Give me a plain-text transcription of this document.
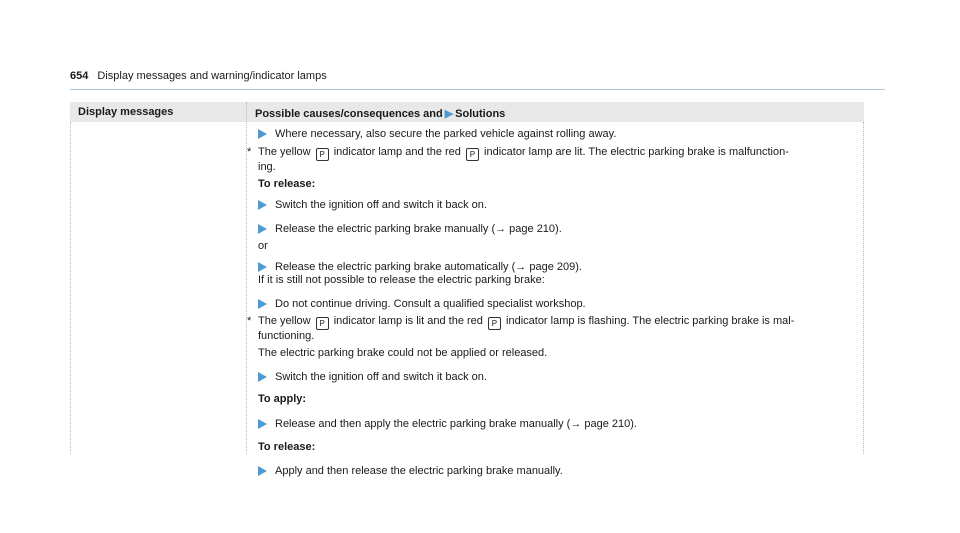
654 Display messages and warning/indicator lamps
Display messages	Possible causes/consequences and ▶ Solutions
Where necessary, also secure the parked vehicle against rolling away.
* The yellow P indicator lamp and the red P indicator lamp are lit. The electric parking brake is malfunction-
ing.
To release:
Switch the ignition off and switch it back on.
Release the electric parking brake manually (→ page 210).
or
Release the electric parking brake automatically (→ page 209).
If it is still not possible to release the electric parking brake:
Do not continue driving. Consult a qualified specialist workshop.
* The yellow P indicator lamp is lit and the red P indicator lamp is flashing. The electric parking brake is mal-
functioning.
The electric parking brake could not be applied or released.
Switch the ignition off and switch it back on.
To apply:
Release and then apply the electric parking brake manually (→ page 210).
To release:
Apply and then release the electric parking brake manually.
